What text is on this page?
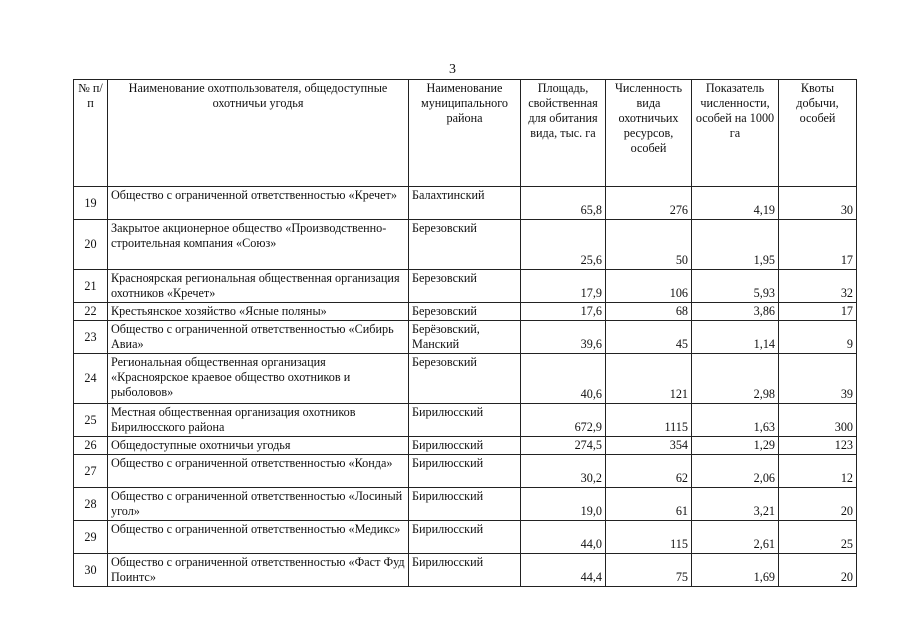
3
№ п/п	Наименование охотпользователя, общедоступные охотничьи угодья	Наименование муниципального района	Площадь, свойственная для обитания вида, тыс. га	Численность вида охотничьих ресурсов, особей	Показатель численности, особей на 1000 га	Квоты добычи, особей
19	Общество с ограниченной ответственностью «Кречет»	Балахтинский	65,8	276	4,19	30
20	Закрытое акционерное общество «Производственно-строительная компания «Союз»	Березовский	25,6	50	1,95	17
21	Красноярская региональная общественная организация охотников «Кречет»	Березовский	17,9	106	5,93	32
22	Крестьянское хозяйство «Ясные поляны»	Березовский	17,6	68	3,86	17
23	Общество с ограниченной ответственностью «Сибирь Авиа»	Берёзовский, Манский	39,6	45	1,14	9
24	Региональная общественная организация «Красноярское краевое общество охотников и рыболовов»	Березовский	40,6	121	2,98	39
25	Местная общественная организация охотников Бирилюсского района	Бирилюсский	672,9	1115	1,63	300
26	Общедоступные охотничьи угодья	Бирилюсский	274,5	354	1,29	123
27	Общество с ограниченной ответственностью «Конда»	Бирилюсский	30,2	62	2,06	12
28	Общество с ограниченной ответственностью «Лосиный угол»	Бирилюсский	19,0	61	3,21	20
29	Общество с ограниченной ответственностью «Медикс»	Бирилюсский	44,0	115	2,61	25
30	Общество с ограниченной ответственностью «Фаст Фуд Поинтс»	Бирилюсский	44,4	75	1,69	20
